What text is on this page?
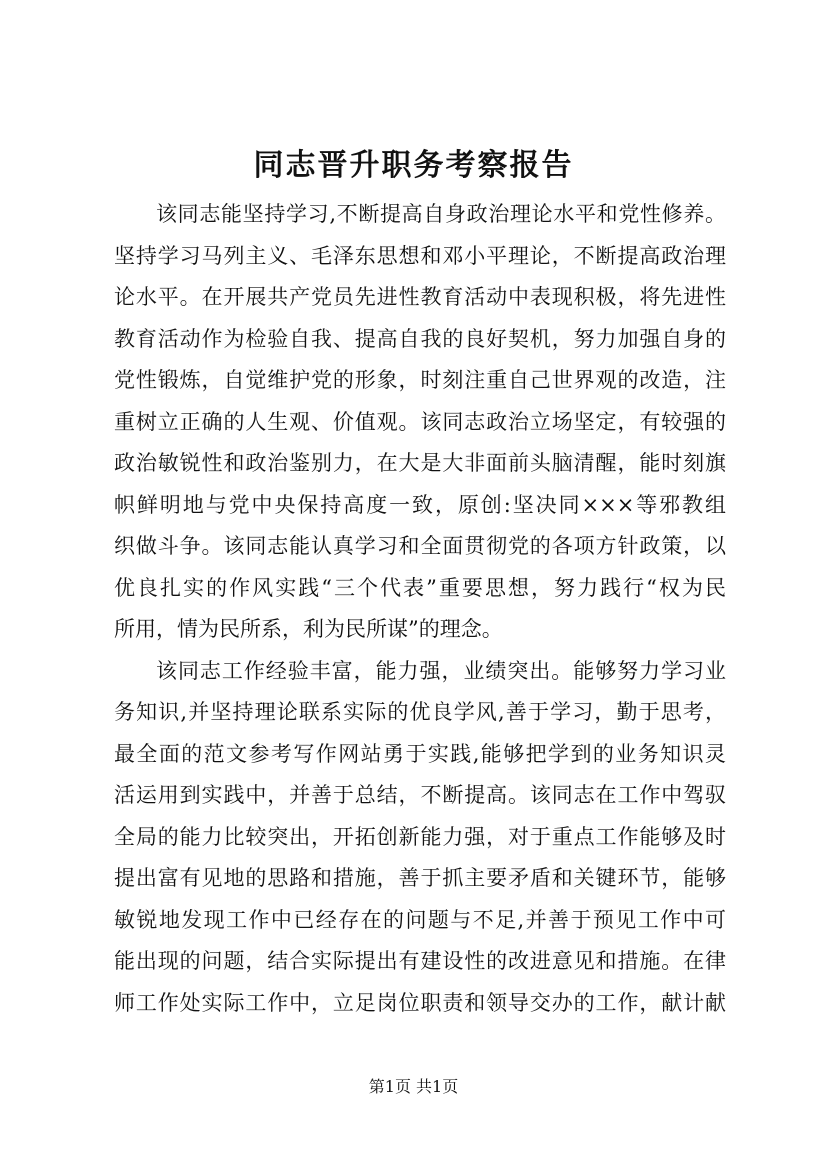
同志晋升职务考察报告
该同志能坚持学习,不断提高自身政治理论水平和党性修养。
坚持学习马列主义、毛泽东思想和邓小平理论，不断提高政治理
论水平。在开展共产党员先进性教育活动中表现积极，将先进性
教育活动作为检验自我、提高自我的良好契机，努力加强自身的
党性锻炼，自觉维护党的形象，时刻注重自己世界观的改造，注
重树立正确的人生观、价值观。该同志政治立场坚定，有较强的
政治敏锐性和政治鉴别力，在大是大非面前头脑清醒，能时刻旗
帜鲜明地与党中央保持高度一致，原创:坚决同×××等邪教组
织做斗争。该同志能认真学习和全面贯彻党的各项方针政策，以
优良扎实的作风实践“三个代表”重要思想，努力践行“权为民
所用，情为民所系，利为民所谋”的理念。
该同志工作经验丰富，能力强，业绩突出。能够努力学习业
务知识,并坚持理论联系实际的优良学风,善于学习，勤于思考，
最全面的范文参考写作网站勇于实践,能够把学到的业务知识灵
活运用到实践中，并善于总结，不断提高。该同志在工作中驾驭
全局的能力比较突出，开拓创新能力强，对于重点工作能够及时
提出富有见地的思路和措施，善于抓主要矛盾和关键环节，能够
敏锐地发现工作中已经存在的问题与不足,并善于预见工作中可
能出现的问题，结合实际提出有建设性的改进意见和措施。在律
师工作处实际工作中，立足岗位职责和领导交办的工作，献计献
第1页 共1页
